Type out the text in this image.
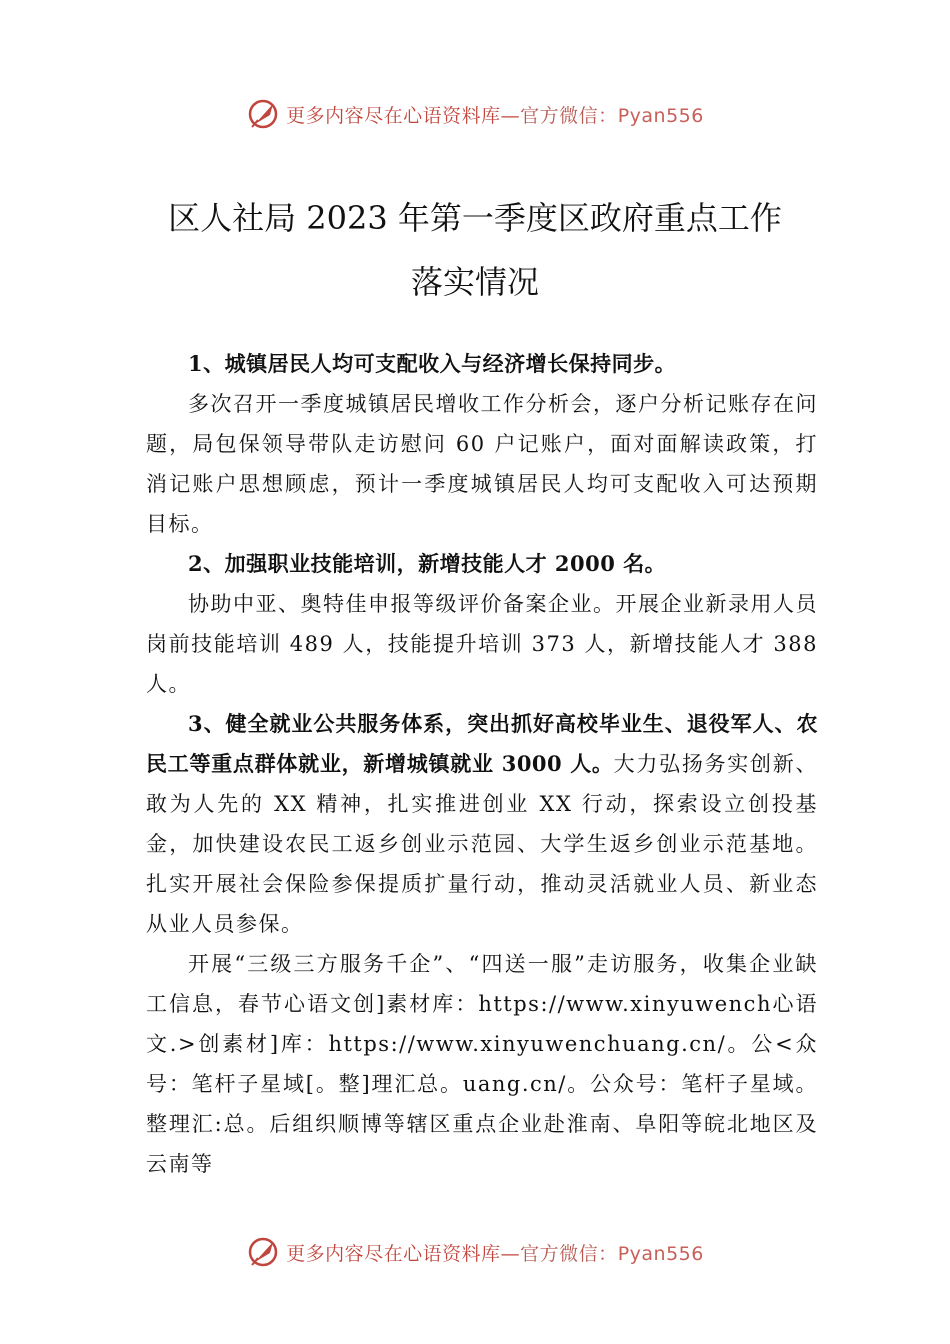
更多内容尽在心语资料库—官方微信：Pyan556
区人社局 2023 年第一季度区政府重点工作
落实情况

1、城镇居民人均可支配收入与经济增长保持同步。

多次召开一季度城镇居民增收工作分析会，逐户分析记账存在问题，局包保领导带队走访慰问 60 户记账户，面对面解读政策，打消记账户思想顾虑，预计一季度城镇居民人均可支配收入可达预期目标。

2、加强职业技能培训，新增技能人才 2000 名。

协助中亚、奥特佳申报等级评价备案企业。开展企业新录用人员岗前技能培训 489 人，技能提升培训 373 人，新增技能人才 388 人。

3、健全就业公共服务体系，突出抓好高校毕业生、退役军人、农民工等重点群体就业，新增城镇就业 3000 人。大力弘扬务实创新、敢为人先的 XX 精神，扎实推进创业 XX 行动，探索设立创投基金，加快建设农民工返乡创业示范园、大学生返乡创业示范基地。扎实开展社会保险参保提质扩量行动，推动灵活就业人员、新业态从业人员参保。

开展“三级三方服务千企”、“四送一服”走访服务，收集企业缺工信息，春节心语文创]素材库：https://www.xinyuwench心语文.>创素材]库：https://www.xinyuwenchuang.cn/。公<众号：笔杆子星域[。整]理汇总。uang.cn/。公众号：笔杆子星域。整理汇:总。后组织顺博等辖区重点企业赴淮南、阜阳等皖北地区及云南等

更多内容尽在心语资料库—官方微信：Pyan556
